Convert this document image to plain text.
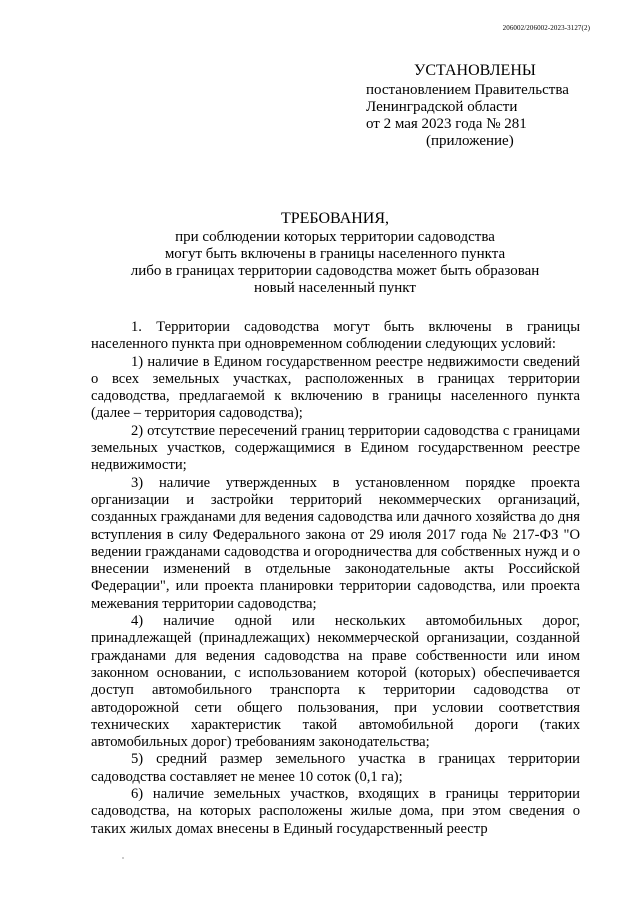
206002/206002-2023-3127(2)
УСТАНОВЛЕНЫ
постановлением Правительства
Ленинградской области
от 2 мая 2023 года № 281
(приложение)
ТРЕБОВАНИЯ,
при соблюдении которых территории садоводства
могут быть включены в границы населенного пункта
либо в границах территории садоводства может быть образован
новый населенный пункт

1. Территории садоводства могут быть включены в границы населенного пункта при одновременном соблюдении следующих условий:

1) наличие в Едином государственном реестре недвижимости сведений о всех земельных участках, расположенных в границах территории садоводства, предлагаемой к включению в границы населенного пункта (далее – территория садоводства);

2) отсутствие пересечений границ территории садоводства с границами земельных участков, содержащимися в Едином государственном реестре недвижимости;

3) наличие утвержденных в установленном порядке проекта организации и застройки территорий некоммерческих организаций, созданных гражданами для ведения садоводства или дачного хозяйства до дня вступления в силу Федерального закона от 29 июля 2017 года № 217-ФЗ "О ведении гражданами садоводства и огородничества для собственных нужд и о внесении изменений в отдельные законодательные акты Российской Федерации", или проекта планировки территории садоводства, или проекта межевания территории садоводства;

4) наличие одной или нескольких автомобильных дорог, принадлежащей (принадлежащих) некоммерческой организации, созданной гражданами для ведения садоводства на праве собственности или ином законном основании, с использованием которой (которых) обеспечивается доступ автомобильного транспорта к территории садоводства от автодорожной сети общего пользования, при условии соответствия технических характеристик такой автомобильной дороги (таких автомобильных дорог) требованиям законодательства;

5) средний размер земельного участка в границах территории садоводства составляет не менее 10 соток (0,1 га);

6) наличие земельных участков, входящих в границы территории садоводства, на которых расположены жилые дома, при этом сведения о таких жилых домах внесены в Единый государственный реестр
